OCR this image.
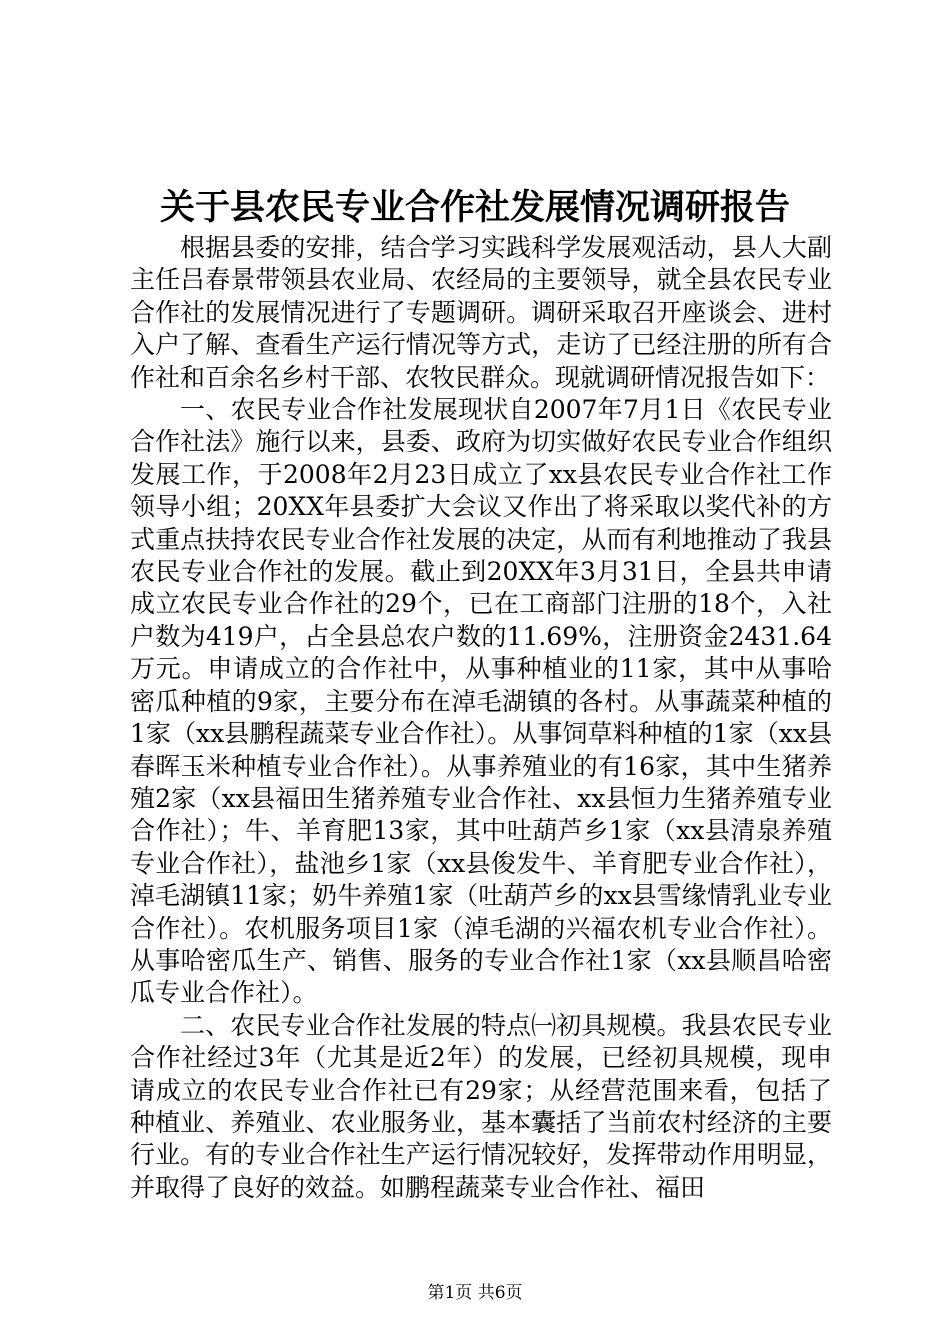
关于县农民专业合作社发展情况调研报告

根据县委的安排，结合学习实践科学发展观活动，县人大副主任吕春景带领县农业局、农经局的主要领导，就全县农民专业合作社的发展情况进行了专题调研。调研采取召开座谈会、进村入户了解、查看生产运行情况等方式，走访了已经注册的所有合作社和百余名乡村干部、农牧民群众。现就调研情况报告如下：

一、农民专业合作社发展现状自2007年7月1日《农民专业合作社法》施行以来，县委、政府为切实做好农民专业合作组织发展工作，于2008年2月23日成立了xx县农民专业合作社工作领导小组；20XX年县委扩大会议又作出了将采取以奖代补的方式重点扶持农民专业合作社发展的决定，从而有利地推动了我县农民专业合作社的发展。截止到20XX年3月31日，全县共申请成立农民专业合作社的29个，已在工商部门注册的18个，入社户数为419户，占全县总农户数的11.69%，注册资金2431.64万元。申请成立的合作社中，从事种植业的11家，其中从事哈密瓜种植的9家，主要分布在淖毛湖镇的各村。从事蔬菜种植的1家（xx县鹏程蔬菜专业合作社）。从事饲草料种植的1家（xx县春晖玉米种植专业合作社）。从事养殖业的有16家，其中生猪养殖2家（xx县福田生猪养殖专业合作社、xx县恒力生猪养殖专业合作社）；牛、羊育肥13家，其中吐葫芦乡1家（xx县清泉养殖专业合作社），盐池乡1家（xx县俊发牛、羊育肥专业合作社），淖毛湖镇11家；奶牛养殖1家（吐葫芦乡的xx县雪缘情乳业专业合作社）。农机服务项目1家（淖毛湖的兴福农机专业合作社）。从事哈密瓜生产、销售、服务的专业合作社1家（xx县顺昌哈密瓜专业合作社）。

二、农民专业合作社发展的特点㈠初具规模。我县农民专业合作社经过3年（尤其是近2年）的发展，已经初具规模，现申请成立的农民专业合作社已有29家；从经营范围来看，包括了种植业、养殖业、农业服务业，基本囊括了当前农村经济的主要行业。有的专业合作社生产运行情况较好，发挥带动作用明显，并取得了良好的效益。如鹏程蔬菜专业合作社、福田

第1页 共6页
